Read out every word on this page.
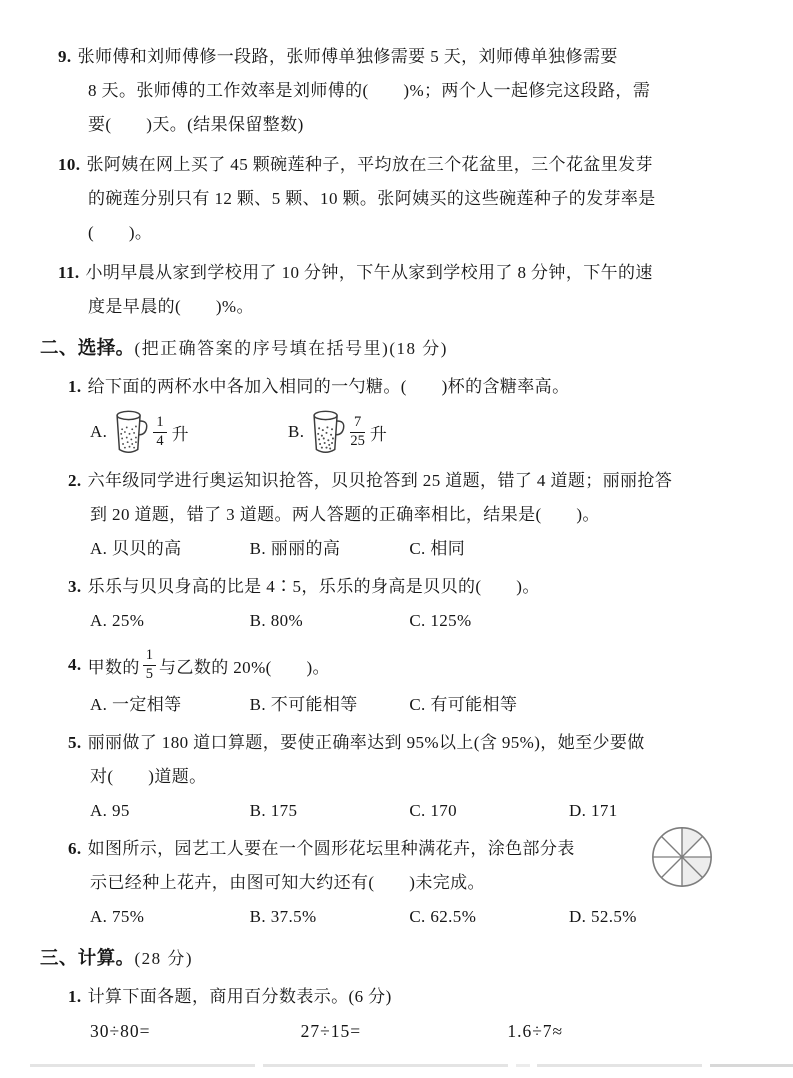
9. 张师傅和刘师傅修一段路，张师傅单独修需要 5 天，刘师傅单独修需要
8 天。张师傅的工作效率是刘师傅的(　　)%；两个人一起修完这段路，需
要(　　)天。(结果保留整数)
10. 张阿姨在网上买了 45 颗碗莲种子，平均放在三个花盆里，三个花盆里发芽
的碗莲分别只有 12 颗、5 颗、10 颗。张阿姨买的这些碗莲种子的发芽率是
(　　)。
11. 小明早晨从家到学校用了 10 分钟，下午从家到学校用了 8 分钟，下午的速
度是早晨的(　　)%。
二、选择。(把正确答案的序号填在括号里)(18 分)
1. 给下面的两杯水中各加入相同的一勺糖。(　　)杯的含糖率高。
A.	$\frac{1}{4}$ 升	B.	$\frac{7}{25}$ 升
2. 六年级同学进行奥运知识抢答，贝贝抢答到 25 道题，错了 4 道题；丽丽抢答
到 20 道题，错了 3 道题。两人答题的正确率相比，结果是(　　)。
A. 贝贝的高	B. 丽丽的高	C. 相同
3. 乐乐与贝贝身高的比是 4∶5，乐乐的身高是贝贝的(　　)。
A. 25%	B. 80%	C. 125%
4. 甲数的 $\frac{1}{5}$ 与乙数的 20%(　　)。
A. 一定相等	B. 不可能相等	C. 有可能相等
5. 丽丽做了 180 道口算题，要使正确率达到 95%以上(含 95%)，她至少要做
对(　　)道题。
A. 95	B. 175	C. 170	D. 171
6. 如图所示，园艺工人要在一个圆形花坛里种满花卉，涂色部分表
示已经种上花卉，由图可知大约还有(　　)未完成。
A. 75%	B. 37.5%	C. 62.5%	D. 52.5%
三、计算。(28 分)
1. 计算下面各题，商用百分数表示。(6 分)
30÷80=	27÷15=	1.6÷7≈
